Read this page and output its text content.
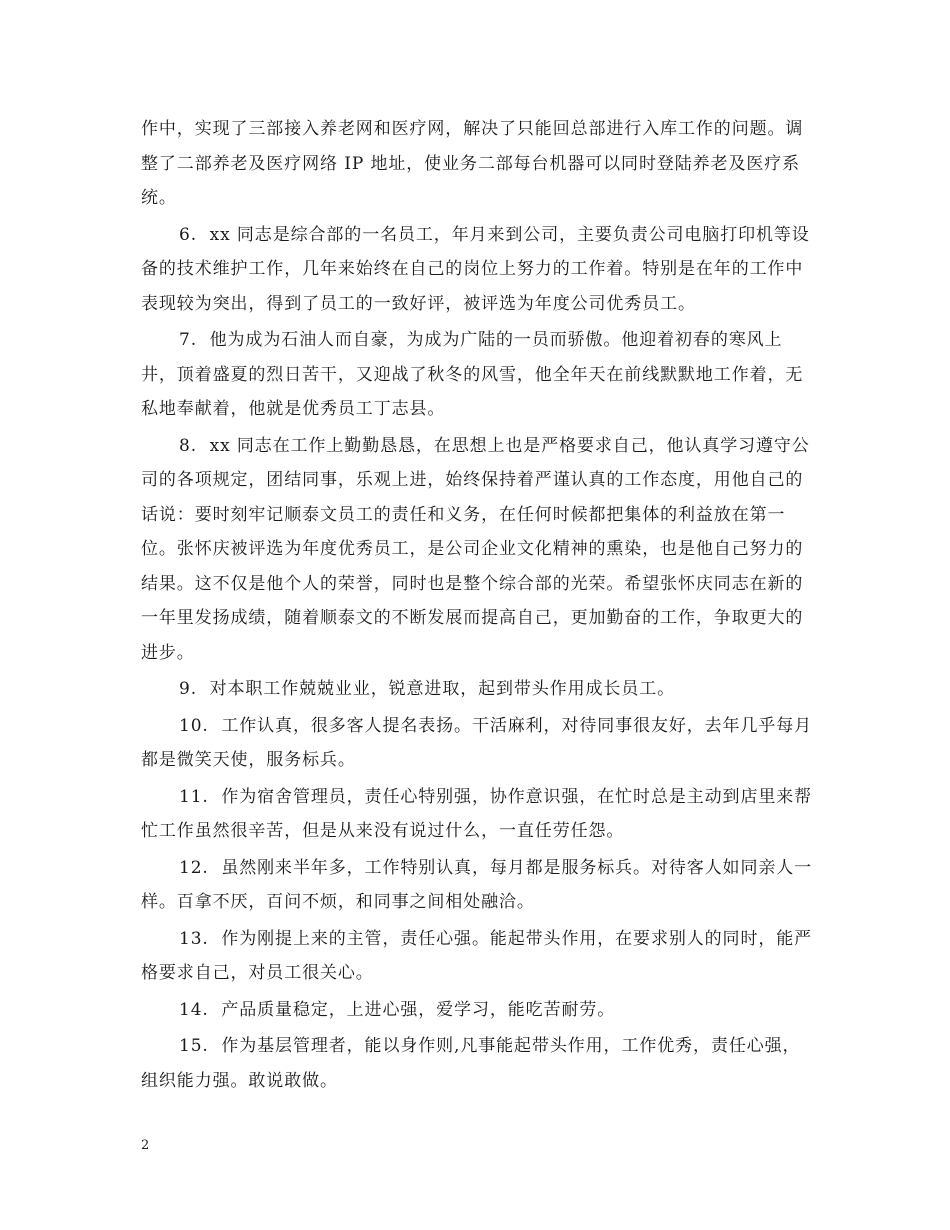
作中，实现了三部接入养老网和医疗网，解决了只能回总部进行入库工作的问题。调整了二部养老及医疗网络 IP 地址，使业务二部每台机器可以同时登陆养老及医疗系统。

6.  xx 同志是综合部的一名员工，年月来到公司，主要负责公司电脑打印机等设备的技术维护工作，几年来始终在自己的岗位上努力的工作着。特别是在年的工作中表现较为突出，得到了员工的一致好评，被评选为年度公司优秀员工。

7.  他为成为石油人而自豪，为成为广陆的一员而骄傲。他迎着初春的寒风上井，顶着盛夏的烈日苦干，又迎战了秋冬的风雪，他全年天在前线默默地工作着，无私地奉献着，他就是优秀员工丁志县。

8.  xx 同志在工作上勤勤恳恳，在思想上也是严格要求自己，他认真学习遵守公司的各项规定，团结同事，乐观上进，始终保持着严谨认真的工作态度，用他自己的话说：要时刻牢记顺泰文员工的责任和义务，在任何时候都把集体的利益放在第一位。张怀庆被评选为年度优秀员工，是公司企业文化精神的熏染，也是他自己努力的结果。这不仅是他个人的荣誉，同时也是整个综合部的光荣。希望张怀庆同志在新的一年里发扬成绩，随着顺泰文的不断发展而提高自己，更加勤奋的工作，争取更大的进步。

9.  对本职工作兢兢业业，锐意进取，起到带头作用成长员工。

10.  工作认真，很多客人提名表扬。干活麻利，对待同事很友好，去年几乎每月都是微笑天使，服务标兵。

11.  作为宿舍管理员，责任心特别强，协作意识强，在忙时总是主动到店里来帮忙工作虽然很辛苦，但是从来没有说过什么，一直任劳任怨。

12.  虽然刚来半年多，工作特别认真，每月都是服务标兵。对待客人如同亲人一样。百拿不厌，百问不烦，和同事之间相处融洽。

13.  作为刚提上来的主管，责任心强。能起带头作用，在要求别人的同时，能严格要求自己，对员工很关心。

14.  产品质量稳定，上进心强，爱学习，能吃苦耐劳。

15.  作为基层管理者，能以身作则,凡事能起带头作用，工作优秀，责任心强，组织能力强。敢说敢做。

2
